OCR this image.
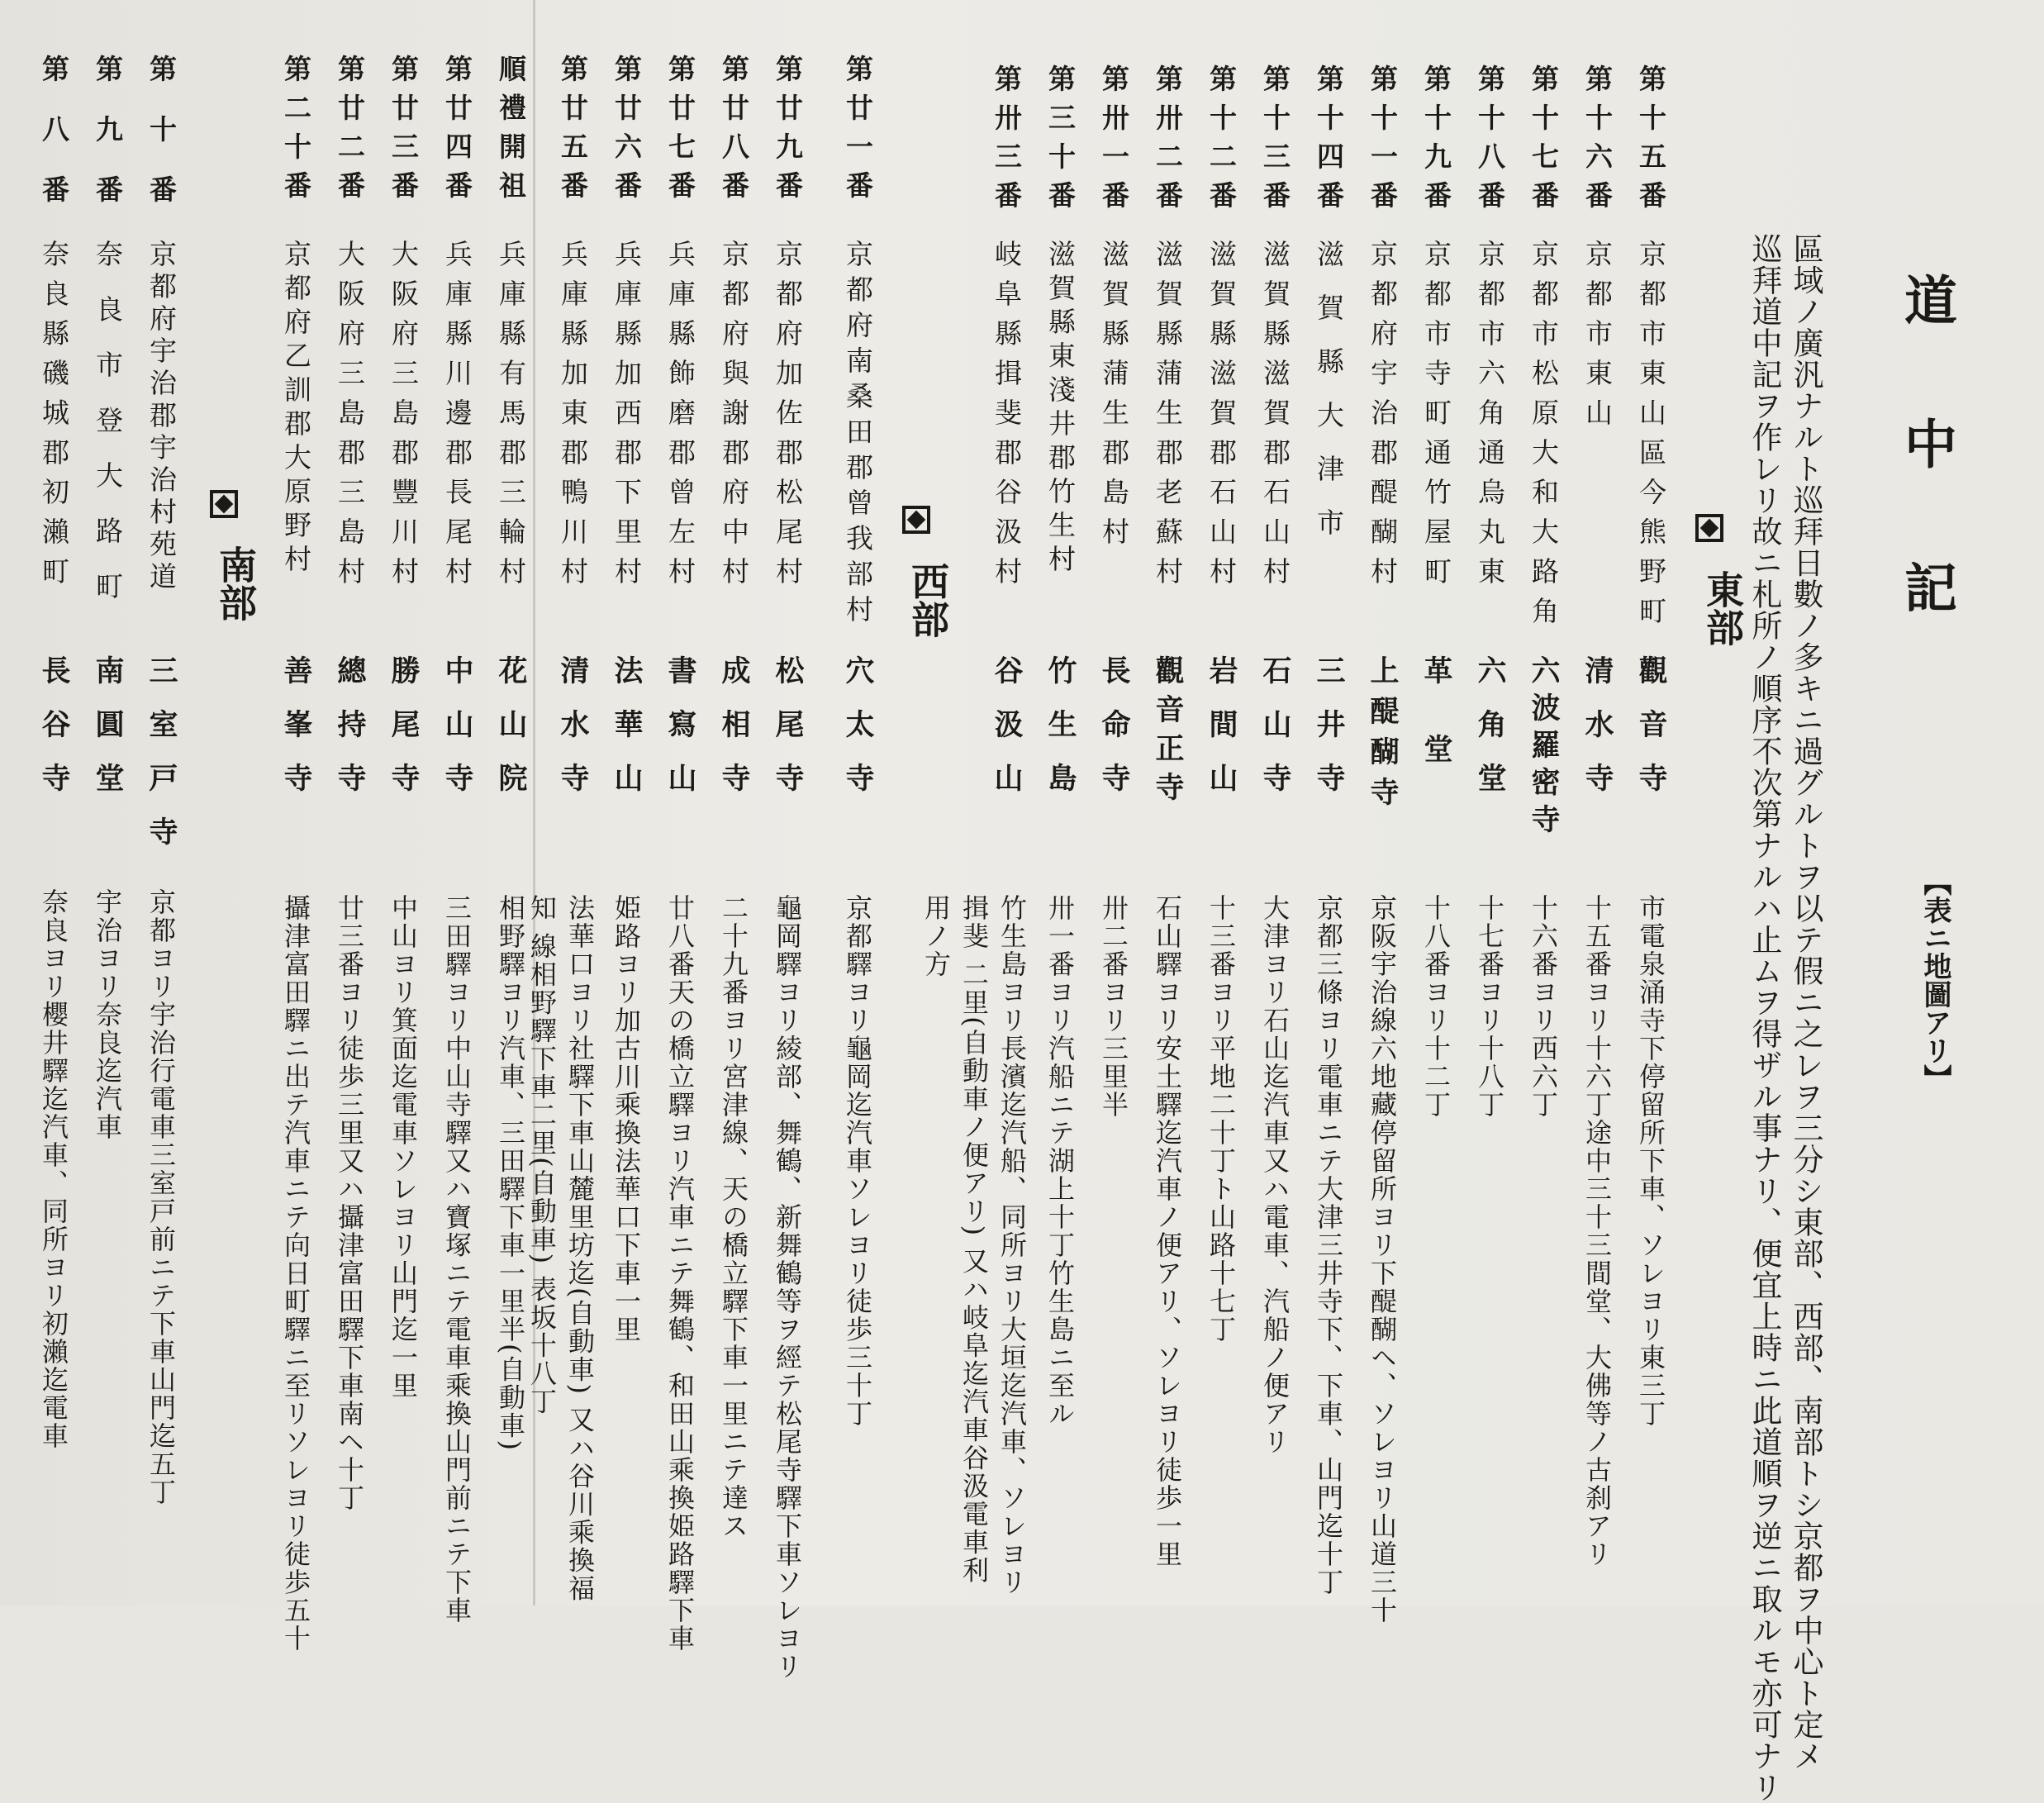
道中記
【表ニ地圖アリ】
區域ノ廣汎ナルト巡拜日數ノ多キニ過グルトヲ以テ假ニ之レヲ三分シ東部、西部、南部トシ京都ヲ中心ト定メ
巡拜道中記ヲ作レリ故ニ札所ノ順序不次第ナルハ止ムヲ得ザル事ナリ、便宜上時ニ此道順ヲ逆ニ取ルモ亦可ナリ
東部
西部
南部
第十五番
京都市東山區今熊野町
觀音寺
市電泉涌寺下停留所下車、ソレヨリ東三丁
第十六番
京都市東山
清水寺
十五番ヨリ十六丁途中三十三間堂、大佛等ノ古刹アリ
第十七番
京都市松原大和大路角
六波羅密寺
十六番ヨリ西六丁
第十八番
京都市六角通烏丸東
六角堂
十七番ヨリ十八丁
第十九番
京都市寺町通竹屋町
革堂
十八番ヨリ十二丁
第十一番
京都府宇治郡醍醐村
上醍醐寺
京阪宇治線六地藏停留所ヨリ下醍醐ヘ、ソレヨリ山道三十
第十四番
滋賀縣大津市
三井寺
京都三條ヨリ電車ニテ大津三井寺下、下車、山門迄十丁
第十三番
滋賀縣滋賀郡石山村
石山寺
大津ヨリ石山迄汽車又ハ電車、汽船ノ便アリ
第十二番
滋賀縣滋賀郡石山村
岩間山
十三番ヨリ平地二十丁ト山路十七丁
第卅二番
滋賀縣蒲生郡老蘇村
觀音正寺
石山驛ヨリ安土驛迄汽車ノ便アリ、ソレヨリ徒歩一里
第卅一番
滋賀縣蒲生郡島村
長命寺
卅二番ヨリ三里半
第三十番
滋賀縣東淺井郡竹生村
竹生島
卅一番ヨリ汽船ニテ湖上十丁竹生島ニ至ル
第卅三番
岐阜縣揖斐郡谷汲村
谷汲山
竹生島ヨリ長濱迄汽船、同所ヨリ大垣迄汽車、ソレヨリ揖斐 二里(自動車ノ便アリ) 又ハ岐阜迄汽車谷汲電車利用ノ方
第廿一番
京都府南桑田郡曾我部村
穴太寺
京都驛ヨリ龜岡迄汽車ソレヨリ徒歩三十丁
第廿九番
京都府加佐郡松尾村
松尾寺
龜岡驛ヨリ綾部、舞鶴、新舞鶴等ヲ經テ松尾寺驛下車ソレヨリ
第廿八番
京都府與謝郡府中村
成相寺
二十九番ヨリ宮津線、天の橋立驛下車一里ニテ達ス
第廿七番
兵庫縣飾磨郡曾左村
書寫山
廿八番天の橋立驛ヨリ汽車ニテ舞鶴、和田山乘換姫路驛下車
第廿六番
兵庫縣加西郡下里村
法華山
姫路ヨリ加古川乘換法華口下車一里
第廿五番
兵庫縣加東郡鴨川村
清水寺
法華口ヨリ社驛下車山麓里坊迄(自動車) 又ハ谷川乘換福知 線相野驛下車二里(自動車) 表坂十八丁
順禮開祖
兵庫縣有馬郡三輪村
花山院
相野驛ヨリ汽車、三田驛下車一里半(自動車)
第廿四番
兵庫縣川邊郡長尾村
中山寺
三田驛ヨリ中山寺驛又ハ寶塚ニテ電車乘換山門前ニテ下車
第廿三番
大阪府三島郡豐川村
勝尾寺
中山ヨリ箕面迄電車ソレヨリ山門迄一里
第廿二番
大阪府三島郡三島村
總持寺
廿三番ヨリ徒歩三里又ハ攝津富田驛下車南ヘ十丁
第二十番
京都府乙訓郡大原野村
善峯寺
攝津富田驛ニ出テ汽車ニテ向日町驛ニ至リソレヨリ徒歩五十
第十番
京都府宇治郡宇治村苑道
三室戸寺
京都ヨリ宇治行電車三室戸前ニテ下車山門迄五丁
第九番
奈良市登大路町
南圓堂
宇治ヨリ奈良迄汽車
第八番
奈良縣磯城郡初瀨町
長谷寺
奈良ヨリ櫻井驛迄汽車、同所ヨリ初瀨迄電車
